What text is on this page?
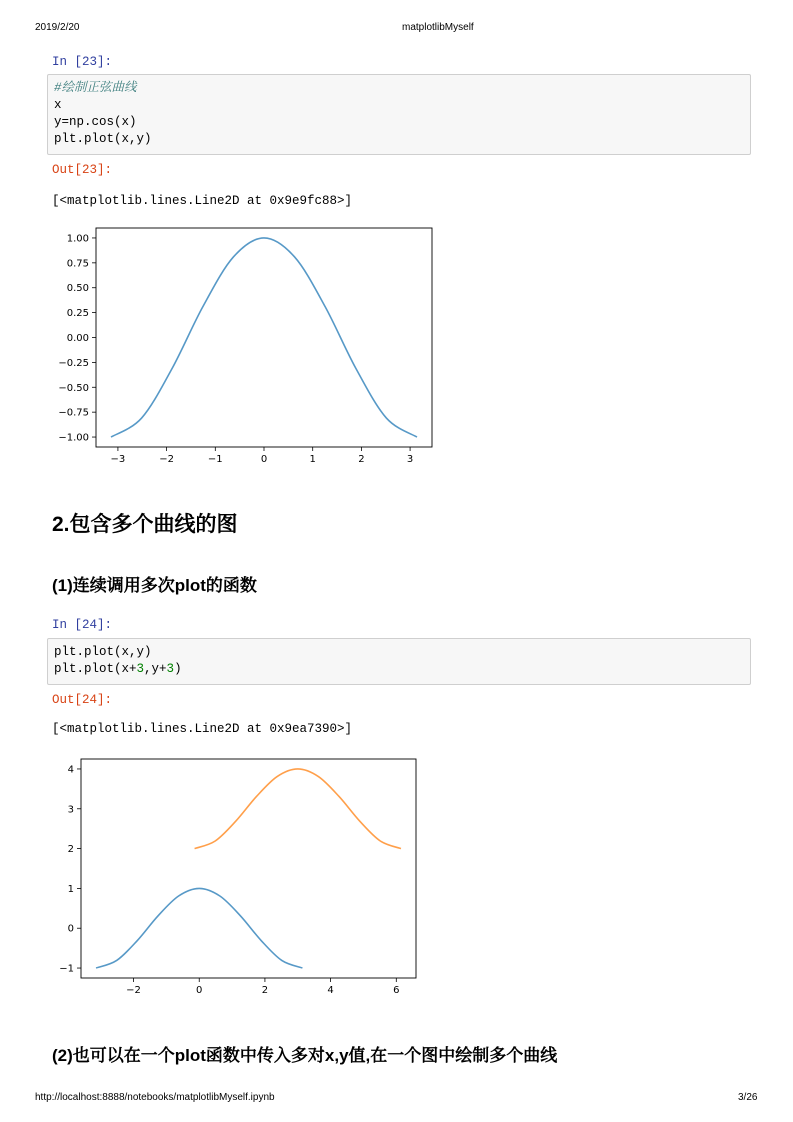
2019/2/20	matplotlibMyself
In [23]:
#绘制正弦曲线
x
y=np.cos(x)
plt.plot(x,y)
Out[23]:
[<matplotlib.lines.Line2D at 0x9e9fc88>]
−3	−2	−1	0	1	2	3
1.00
0.75
0.50
0.25
0.00
−0.25
−0.50
−0.75
−1.00
2.包含多个曲线的图
(1)连续调用多次plot的函数
In [24]:
plt.plot(x,y)
plt.plot(x+3,y+3)
Out[24]:
[<matplotlib.lines.Line2D at 0x9ea7390>]
−2	0	2	4	6
4
3
2
1
0
−1
(2)也可以在一个plot函数中传入多对x,y值,在一个图中绘制多个曲线
http://localhost:8888/notebooks/matplotlibMyself.ipynb	3/26
